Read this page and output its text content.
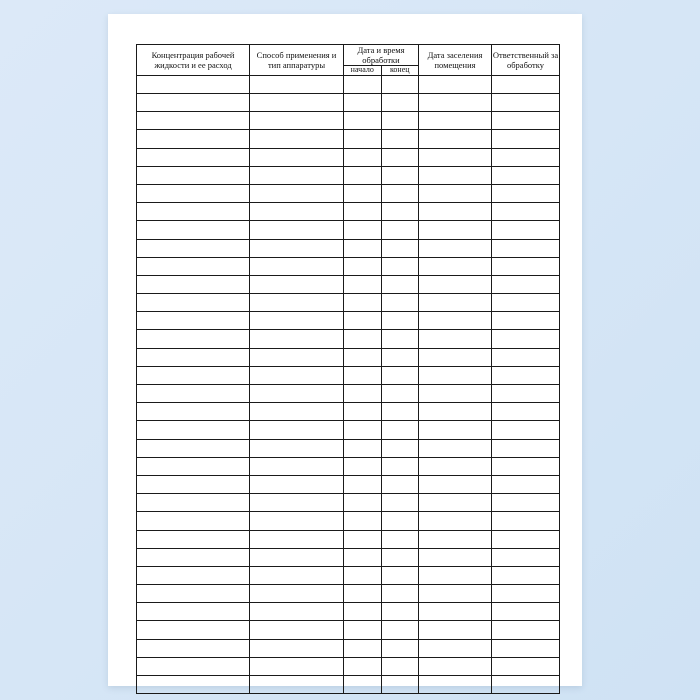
Концентрация рабочей жидкости и ее расход	Способ применения и тип аппаратуры	Дата и время обработки		Дата заселения помещения	Ответственный за обработку
		начало	конец		
